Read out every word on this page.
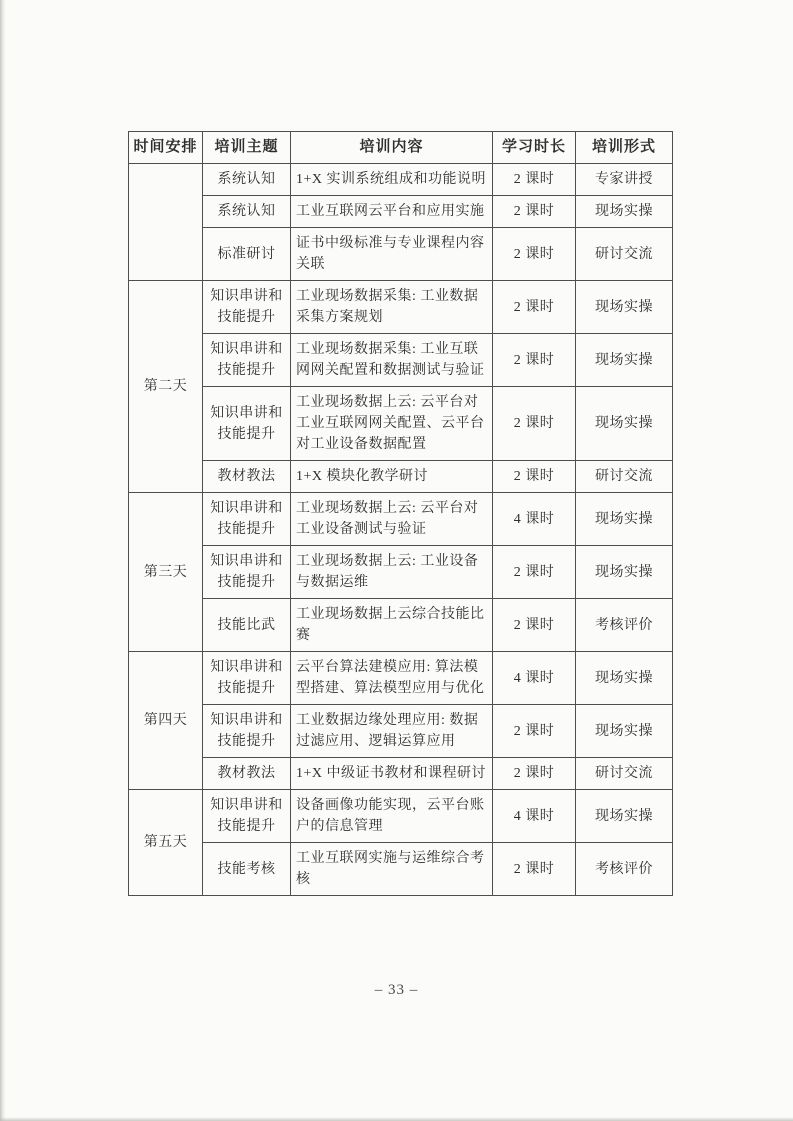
时间安排	培训主题	培训内容	学习时长	培训形式
	系统认知	1+X 实训系统组成和功能说明	2 课时	专家讲授
	系统认知	工业互联网云平台和应用实施	2 课时	现场实操
	标准研讨	证书中级标准与专业课程内容关联	2 课时	研讨交流
第二天	知识串讲和技能提升	工业现场数据采集: 工业数据采集方案规划	2 课时	现场实操
	知识串讲和技能提升	工业现场数据采集: 工业互联网网关配置和数据测试与验证	2 课时	现场实操
	知识串讲和技能提升	工业现场数据上云: 云平台对工业互联网网关配置、云平台对工业设备数据配置	2 课时	现场实操
	教材教法	1+X 模块化教学研讨	2 课时	研讨交流
第三天	知识串讲和技能提升	工业现场数据上云: 云平台对工业设备测试与验证	4 课时	现场实操
	知识串讲和技能提升	工业现场数据上云: 工业设备与数据运维	2 课时	现场实操
	技能比武	工业现场数据上云综合技能比赛	2 课时	考核评价
第四天	知识串讲和技能提升	云平台算法建模应用: 算法模型搭建、算法模型应用与优化	4 课时	现场实操
	知识串讲和技能提升	工业数据边缘处理应用: 数据过滤应用、逻辑运算应用	2 课时	现场实操
	教材教法	1+X 中级证书教材和课程研讨	2 课时	研讨交流
第五天	知识串讲和技能提升	设备画像功能实现，云平台账户的信息管理	4 课时	现场实操
	技能考核	工业互联网实施与运维综合考核	2 课时	考核评价
– 33 –
